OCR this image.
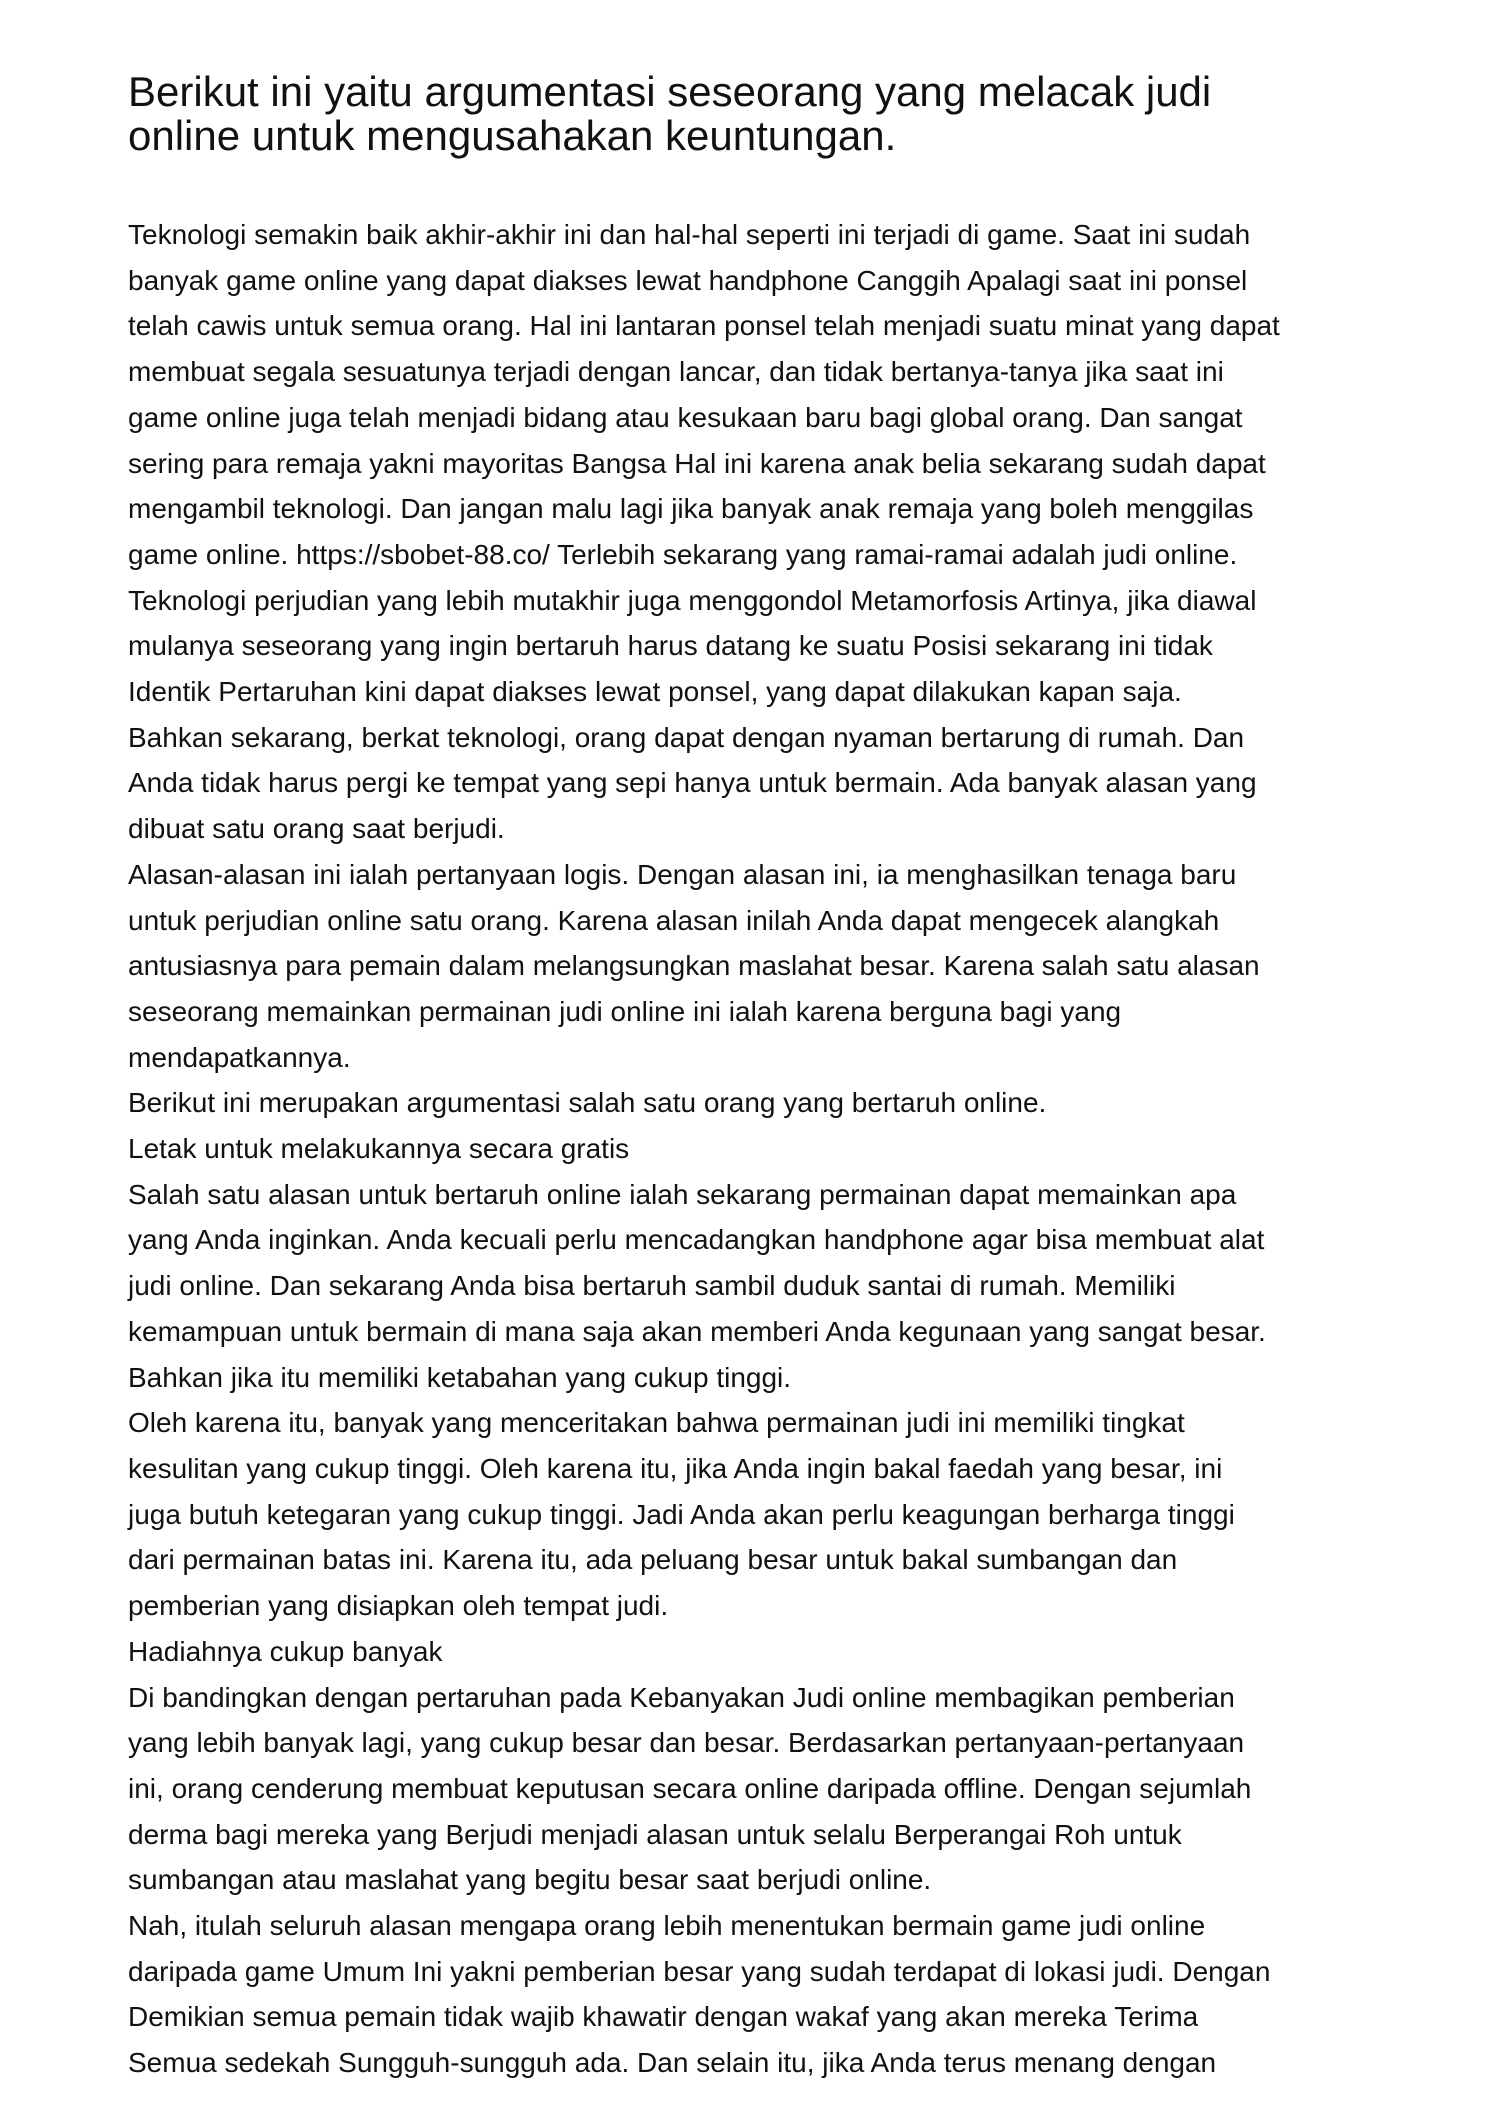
Berikut ini yaitu argumentasi seseorang yang melacak judi
online untuk mengusahakan keuntungan.
Teknologi semakin baik akhir-akhir ini dan hal-hal seperti ini terjadi di game. Saat ini sudah
banyak game online yang dapat diakses lewat handphone Canggih Apalagi saat ini ponsel
telah cawis untuk semua orang. Hal ini lantaran ponsel telah menjadi suatu minat yang dapat
membuat segala sesuatunya terjadi dengan lancar, dan tidak bertanya-tanya jika saat ini
game online juga telah menjadi bidang atau kesukaan baru bagi global orang. Dan sangat
sering para remaja yakni mayoritas Bangsa Hal ini karena anak belia sekarang sudah dapat
mengambil teknologi. Dan jangan malu lagi jika banyak anak remaja yang boleh menggilas
game online. https://sbobet-88.co/ Terlebih sekarang yang ramai-ramai adalah judi online.
Teknologi perjudian yang lebih mutakhir juga menggondol Metamorfosis Artinya, jika diawal
mulanya seseorang yang ingin bertaruh harus datang ke suatu Posisi sekarang ini tidak
Identik Pertaruhan kini dapat diakses lewat ponsel, yang dapat dilakukan kapan saja.
Bahkan sekarang, berkat teknologi, orang dapat dengan nyaman bertarung di rumah. Dan
Anda tidak harus pergi ke tempat yang sepi hanya untuk bermain. Ada banyak alasan yang
dibuat satu orang saat berjudi.
Alasan-alasan ini ialah pertanyaan logis. Dengan alasan ini, ia menghasilkan tenaga baru
untuk perjudian online satu orang. Karena alasan inilah Anda dapat mengecek alangkah
antusiasnya para pemain dalam melangsungkan maslahat besar. Karena salah satu alasan
seseorang memainkan permainan judi online ini ialah karena berguna bagi yang
mendapatkannya.
Berikut ini merupakan argumentasi salah satu orang yang bertaruh online.
Letak untuk melakukannya secara gratis
Salah satu alasan untuk bertaruh online ialah sekarang permainan dapat memainkan apa
yang Anda inginkan. Anda kecuali perlu mencadangkan handphone agar bisa membuat alat
judi online. Dan sekarang Anda bisa bertaruh sambil duduk santai di rumah. Memiliki
kemampuan untuk bermain di mana saja akan memberi Anda kegunaan yang sangat besar.
Bahkan jika itu memiliki ketabahan yang cukup tinggi.
Oleh karena itu, banyak yang menceritakan bahwa permainan judi ini memiliki tingkat
kesulitan yang cukup tinggi. Oleh karena itu, jika Anda ingin bakal faedah yang besar, ini
juga butuh ketegaran yang cukup tinggi. Jadi Anda akan perlu keagungan berharga tinggi
dari permainan batas ini. Karena itu, ada peluang besar untuk bakal sumbangan dan
pemberian yang disiapkan oleh tempat judi.
Hadiahnya cukup banyak
Di bandingkan dengan pertaruhan pada Kebanyakan Judi online membagikan pemberian
yang lebih banyak lagi, yang cukup besar dan besar. Berdasarkan pertanyaan-pertanyaan
ini, orang cenderung membuat keputusan secara online daripada offline. Dengan sejumlah
derma bagi mereka yang Berjudi menjadi alasan untuk selalu Berperangai Roh untuk
sumbangan atau maslahat yang begitu besar saat berjudi online.
Nah, itulah seluruh alasan mengapa orang lebih menentukan bermain game judi online
daripada game Umum Ini yakni pemberian besar yang sudah terdapat di lokasi judi. Dengan
Demikian semua pemain tidak wajib khawatir dengan wakaf yang akan mereka Terima
Semua sedekah Sungguh-sungguh ada. Dan selain itu, jika Anda terus menang dengan
